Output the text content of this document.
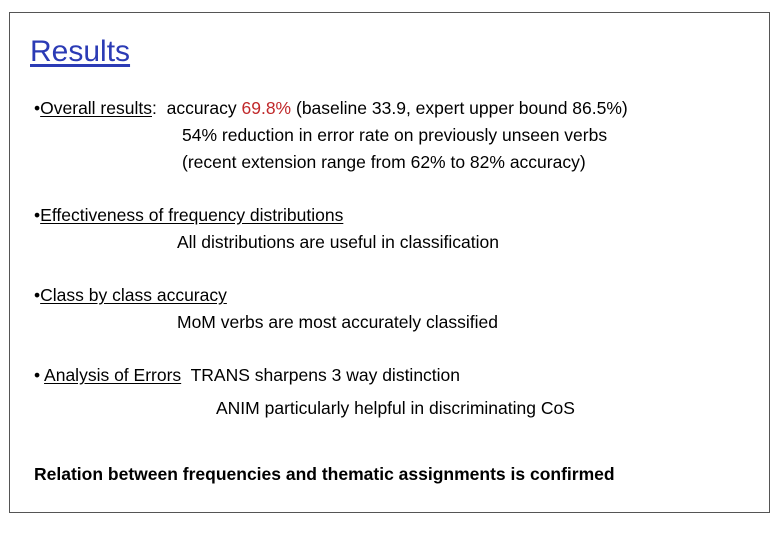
Results
•Overall results: accuracy 69.8% (baseline 33.9, expert upper bound 86.5%)
54% reduction in error rate on previously unseen verbs
(recent extension range from 62% to 82% accuracy)
•Effectiveness of frequency distributions
All distributions are useful in classification
•Class by class accuracy
MoM verbs are most accurately classified
• Analysis of Errors TRANS sharpens 3 way distinction
ANIM particularly helpful in discriminating CoS
Relation between frequencies and thematic assignments is confirmed
